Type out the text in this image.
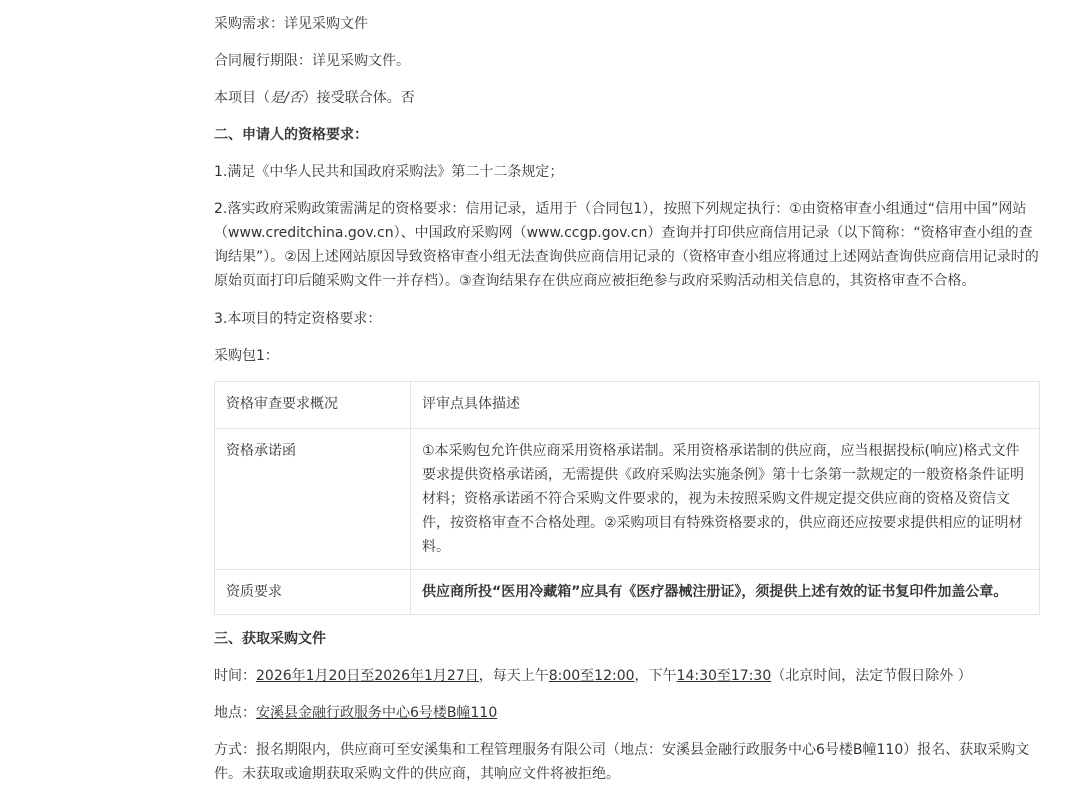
采购需求：详见采购文件

合同履行期限：详见采购文件。

本项目（是/否）接受联合体。否

二、申请人的资格要求：

1.满足《中华人民共和国政府采购法》第二十二条规定；

2.落实政府采购政策需满足的资格要求：信用记录，适用于（合同包1），按照下列规定执行：①由资格审查小组通过“信用中国”网站（www.creditchina.gov.cn）、中国政府采购网（www.ccgp.gov.cn）查询并打印供应商信用记录（以下简称：“资格审查小组的查询结果”）。②因上述网站原因导致资格审查小组无法查询供应商信用记录的（资格审查小组应将通过上述网站查询供应商信用记录时的原始页面打印后随采购文件一并存档）。③查询结果存在供应商应被拒绝参与政府采购活动相关信息的，其资格审查不合格。

3.本项目的特定资格要求：

采购包1：

资格审查要求概况	评审点具体描述
资格承诺函	①本采购包允许供应商采用资格承诺制。采用资格承诺制的供应商，应当根据投标(响应)格式文件要求提供资格承诺函，无需提供《政府采购法实施条例》第十七条第一款规定的一般资格条件证明材料；资格承诺函不符合采购文件要求的，视为未按照采购文件规定提交供应商的资格及资信文件，按资格审查不合格处理。②采购项目有特殊资格要求的，供应商还应按要求提供相应的证明材料。
资质要求	供应商所投“医用冷藏箱”应具有《医疗器械注册证》，须提供上述有效的证书复印件加盖公章。

三、获取采购文件

时间：2026年1月20日至2026年1月27日，每天上午8:00至12:00，下午14:30至17:30（北京时间，法定节假日除外 ）

地点：安溪县金融行政服务中心6号楼B幢110

方式：报名期限内，供应商可至安溪集和工程管理服务有限公司（地点：安溪县金融行政服务中心6号楼B幢110）报名、获取采购文件。未获取或逾期获取采购文件的供应商，其响应文件将被拒绝。
